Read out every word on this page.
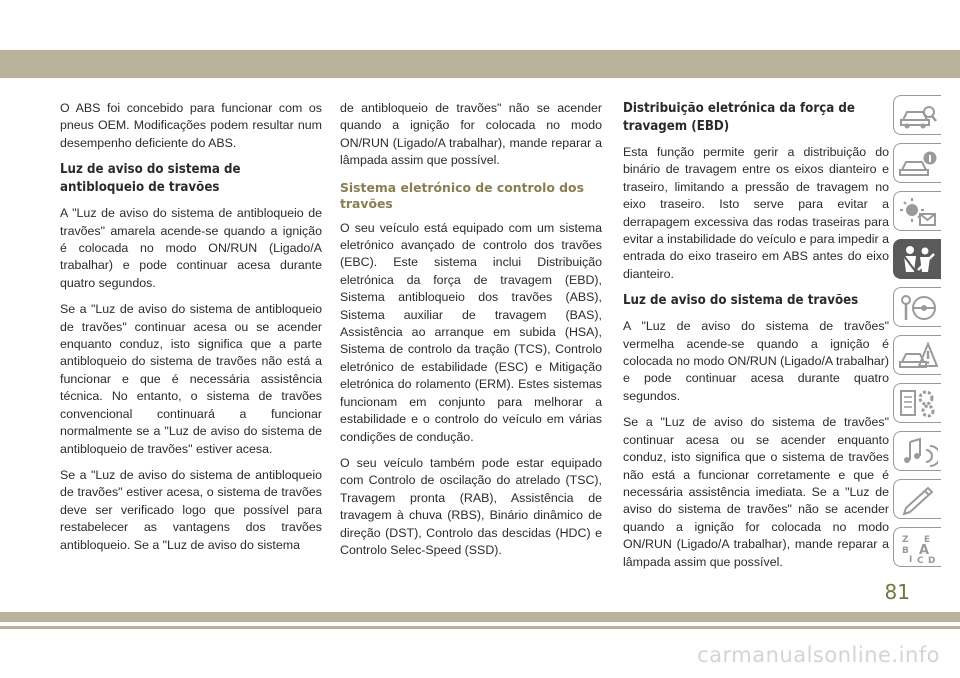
O ABS foi concebido para funcionar com os pneus OEM. Modificações podem resultar num desempenho deficiente do ABS.

Luz de aviso do sistema de antibloqueio de travões

A "Luz de aviso do sistema de antibloqueio de travões" amarela acende-se quando a ignição é colocada no modo ON/RUN (Ligado/A trabalhar) e pode continuar acesa durante quatro segundos.

Se a "Luz de aviso do sistema de antibloqueio de travões" continuar acesa ou se acender enquanto conduz, isto significa que a parte antibloqueio do sistema de travões não está a funcionar e que é necessária assistência técnica. No entanto, o sistema de travões convencional continuará a funcionar normalmente se a "Luz de aviso do sistema de antibloqueio de travões" estiver acesa.

Se a "Luz de aviso do sistema de antibloqueio de travões" estiver acesa, o sistema de travões deve ser verificado logo que possível para restabelecer as vantagens dos travões antibloqueio. Se a "Luz de aviso do sistema

de antibloqueio de travões" não se acender quando a ignição for colocada no modo ON/RUN (Ligado/A trabalhar), mande reparar a lâmpada assim que possível.

Sistema eletrónico de controlo dos travões

O seu veículo está equipado com um sistema eletrónico avançado de controlo dos travões (EBC). Este sistema inclui Distribuição eletrónica da força de travagem (EBD), Sistema antibloqueio dos travões (ABS), Sistema auxiliar de travagem (BAS), Assistência ao arranque em subida (HSA), Sistema de controlo da tração (TCS), Controlo eletrónico de estabilidade (ESC) e Mitigação eletrónica do rolamento (ERM). Estes sistemas funcionam em conjunto para melhorar a estabilidade e o controlo do veículo em várias condições de condução.

O seu veículo também pode estar equipado com Controlo de oscilação do atrelado (TSC), Travagem pronta (RAB), Assistência de travagem à chuva (RBS), Binário dinâmico de direção (DST), Controlo das descidas (HDC) e Controlo Selec-Speed (SSD).

Distribuição eletrónica da força de travagem (EBD)

Esta função permite gerir a distribuição do binário de travagem entre os eixos dianteiro e traseiro, limitando a pressão de travagem no eixo traseiro. Isto serve para evitar a derrapagem excessiva das rodas traseiras para evitar a instabilidade do veículo e para impedir a entrada do eixo traseiro em ABS antes do eixo dianteiro.

Luz de aviso do sistema de travões

A "Luz de aviso do sistema de travões" vermelha acende-se quando a ignição é colocada no modo ON/RUN (Ligado/A trabalhar) e pode continuar acesa durante quatro segundos.

Se a "Luz de aviso do sistema de travões" continuar acesa ou se acender enquanto conduz, isto significa que o sistema de travões não está a funcionar corretamente e que é necessária assistência imediata. Se a "Luz de aviso do sistema de travões" não se acender quando a ignição for colocada no modo ON/RUN (Ligado/A trabalhar), mande reparar a lâmpada assim que possível.

Z E
B A
I C D
81
carmanualsonline.info
